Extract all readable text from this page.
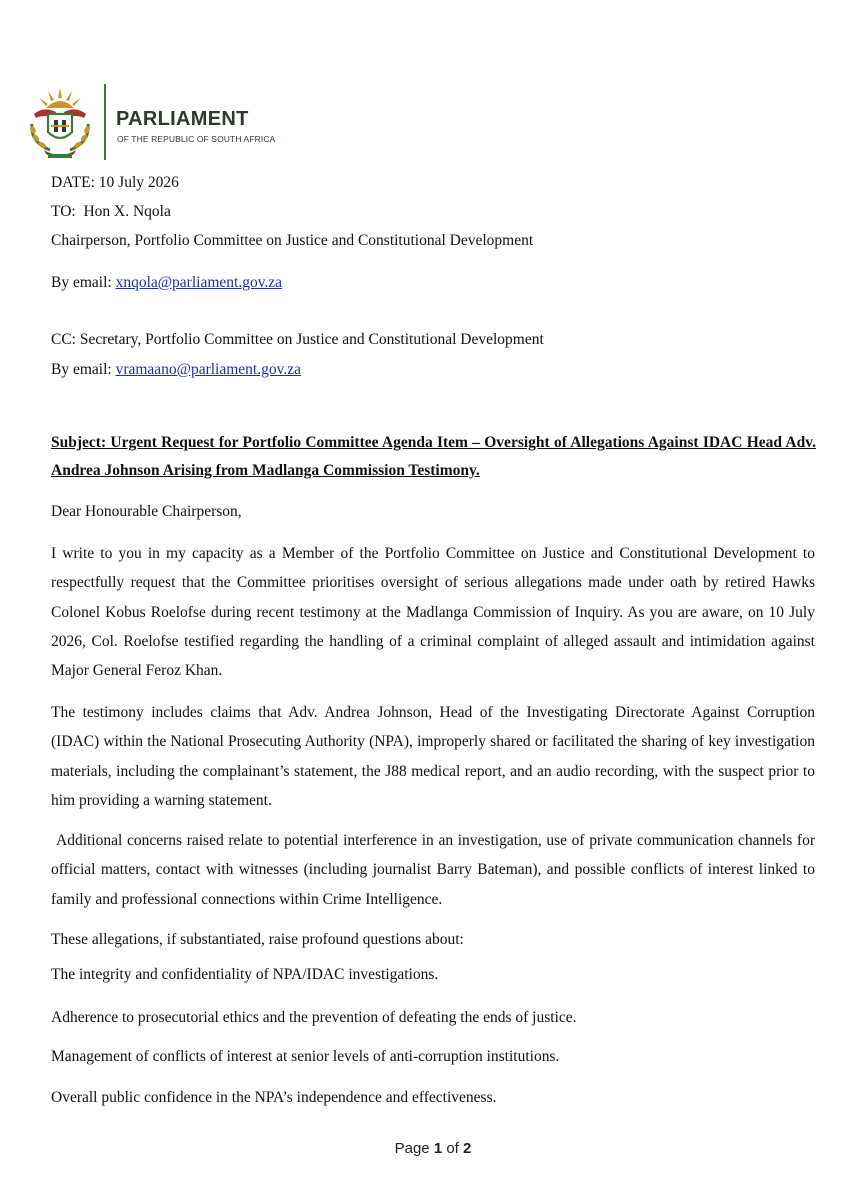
PARLIAMENT
OF THE REPUBLIC OF SOUTH AFRICA
DATE: 10 July 2026
TO: Hon X. Nqola
Chairperson, Portfolio Committee on Justice and Constitutional Development
By email: xnqola@parliament.gov.za
CC: Secretary, Portfolio Committee on Justice and Constitutional Development
By email: vramaano@parliament.gov.za
Subject: Urgent Request for Portfolio Committee Agenda Item – Oversight of Allegations Against IDAC Head Adv. Andrea Johnson Arising from Madlanga Commission Testimony.
Dear Honourable Chairperson,
I write to you in my capacity as a Member of the Portfolio Committee on Justice and Constitutional Development to respectfully request that the Committee prioritises oversight of serious allegations made under oath by retired Hawks Colonel Kobus Roelofse during recent testimony at the Madlanga Commission of Inquiry. As you are aware, on 10 July 2026, Col. Roelofse testified regarding the handling of a criminal complaint of alleged assault and intimidation against Major General Feroz Khan.
The testimony includes claims that Adv. Andrea Johnson, Head of the Investigating Directorate Against Corruption (IDAC) within the National Prosecuting Authority (NPA), improperly shared or facilitated the sharing of key investigation materials, including the complainant’s statement, the J88 medical report, and an audio recording, with the suspect prior to him providing a warning statement.
Additional concerns raised relate to potential interference in an investigation, use of private communication channels for official matters, contact with witnesses (including journalist Barry Bateman), and possible conflicts of interest linked to family and professional connections within Crime Intelligence.
These allegations, if substantiated, raise profound questions about:
The integrity and confidentiality of NPA/IDAC investigations.
Adherence to prosecutorial ethics and the prevention of defeating the ends of justice.
Management of conflicts of interest at senior levels of anti-corruption institutions.
Overall public confidence in the NPA’s independence and effectiveness.
Page 1 of 2
